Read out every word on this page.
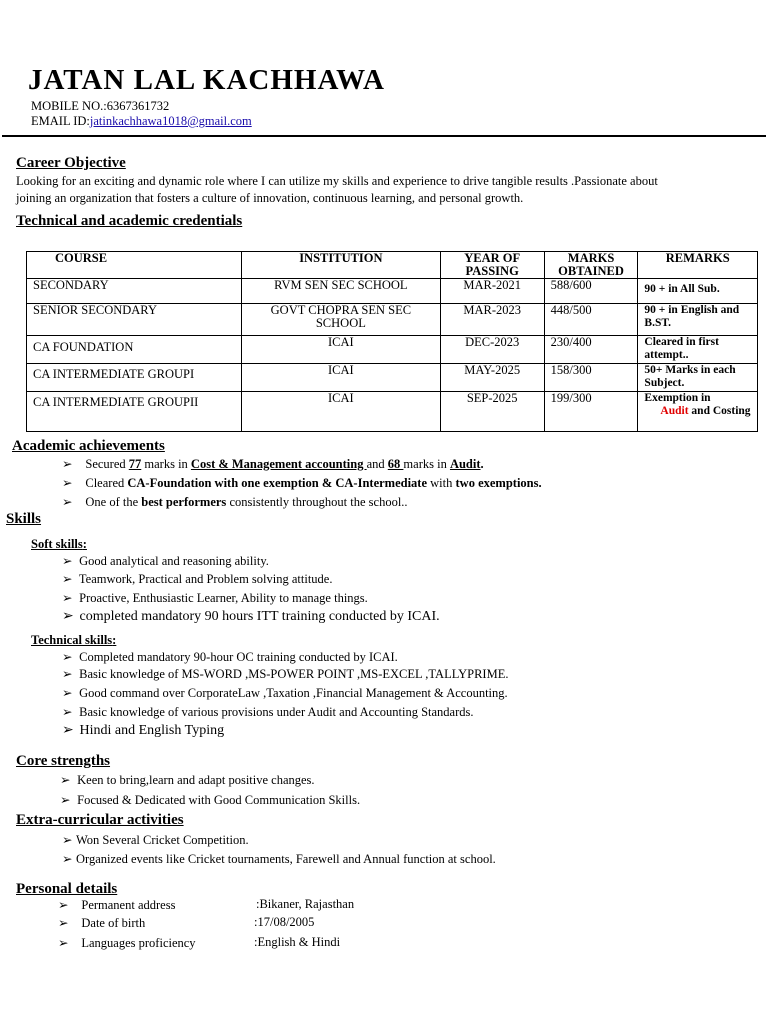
JATAN LAL KACHHAWA
MOBILE NO.:6367361732
EMAIL ID:jatinkachhawa1018@gmail.com
Career Objective
Looking for an exciting and dynamic role where I can utilize my skills and experience to drive tangible results .Passionate about
joining an organization that fosters a culture of innovation, continuous learning, and personal growth.
Technical and academic credentials
COURSE	INSTITUTION	YEAR OF PASSING	MARKS OBTAINED	REMARKS
SECONDARY	RVM SEN SEC SCHOOL	MAR-2021	588/600	90 + in All Sub.
SENIOR SECONDARY	GOVT CHOPRA SEN SEC SCHOOL	MAR-2023	448/500	90 + in English and B.ST.
CA FOUNDATION	ICAI	DEC-2023	230/400	Cleared in first attempt..
CA INTERMEDIATE GROUPI	ICAI	MAY-2025	158/300	50+ Marks in each Subject.
CA INTERMEDIATE GROUPII	ICAI	SEP-2025	199/300	Exemption in
Audit and Costing
Academic achievements
➢ Secured 77 marks in Cost & Management accounting and 68 marks in Audit.
➢ Cleared CA-Foundation with one exemption & CA-Intermediate with two exemptions.
➢ One of the best performers consistently throughout the school..
Skills
Soft skills:
➢ Good analytical and reasoning ability.
➢ Teamwork, Practical and Problem solving attitude.
➢ Proactive, Enthusiastic Learner, Ability to manage things.
➢ completed mandatory 90 hours ITT training conducted by ICAI.
Technical skills:
➢ Completed mandatory 90-hour OC training conducted by ICAI.
➢ Basic knowledge of MS-WORD ,MS-POWER POINT ,MS-EXCEL ,TALLYPRIME.
➢ Good command over CorporateLaw ,Taxation ,Financial Management & Accounting.
➢ Basic knowledge of various provisions under Audit and Accounting Standards.
➢ Hindi and English Typing
Core strengths
➢ Keen to bring,learn and adapt positive changes.
➢ Focused & Dedicated with Good Communication Skills.
Extra-curricular activities
➢ Won Several Cricket Competition.
➢ Organized events like Cricket tournaments, Farewell and Annual function at school.
Personal details
➢ Permanent address	:Bikaner, Rajasthan
➢ Date of birth	:17/08/2005
➢ Languages proficiency	:English & Hindi
